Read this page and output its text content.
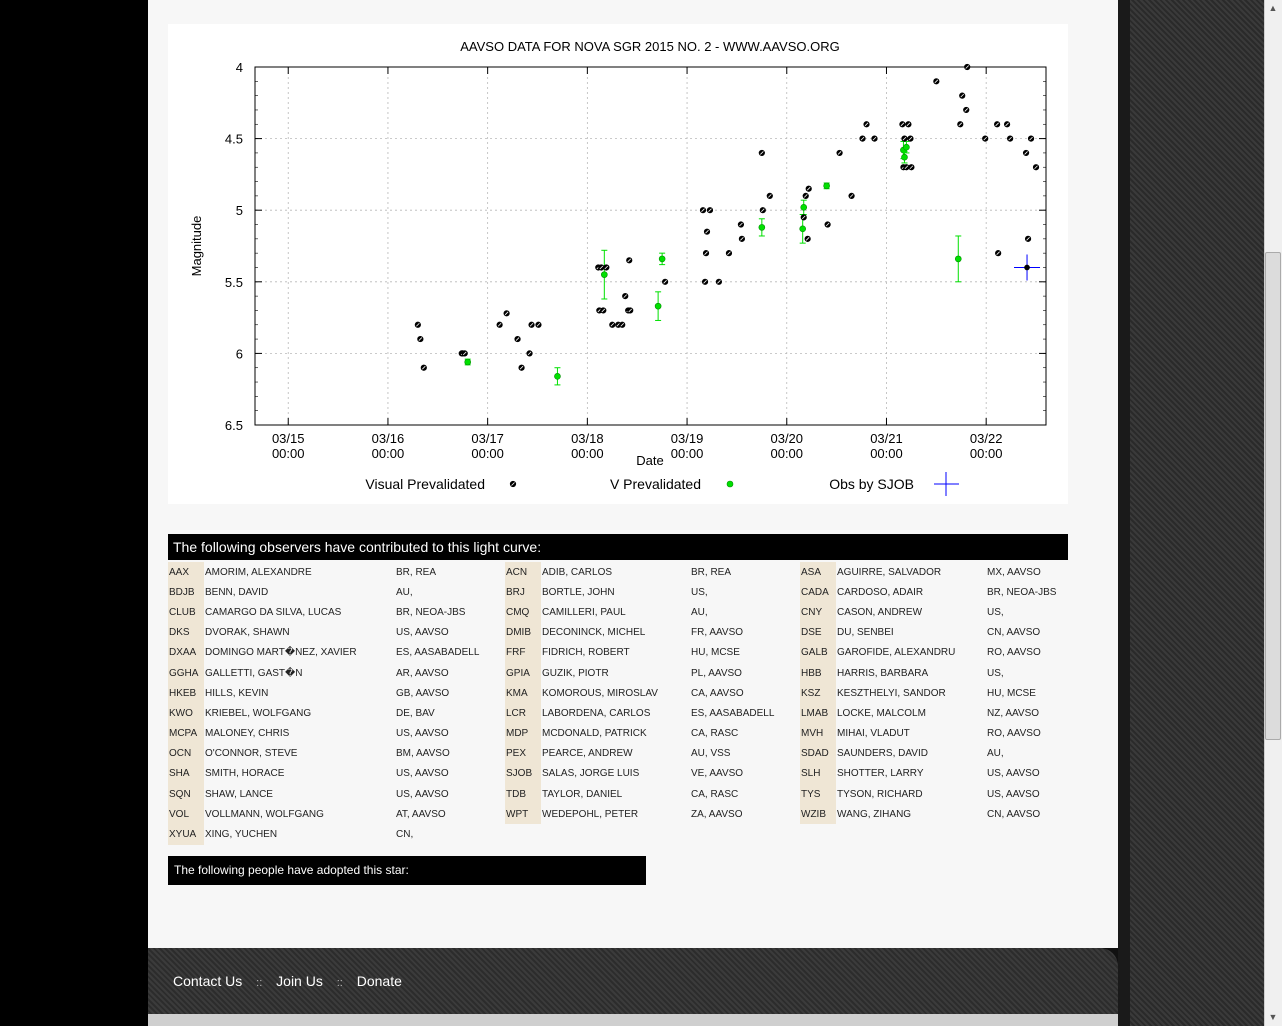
▲
▼
03/15 00:00
03/16 00:00
03/17 00:00
03/18 00:00
03/19 00:00
03/20 00:00
03/21 00:00
03/22 00:00
4
4.5
5
5.5
6
6.5
AAVSO DATA FOR NOVA SGR 2015 NO. 2 - WWW.AAVSO.ORG
Date
Magnitude
Visual Prevalidated	V Prevalidated	Obs by SJOB
The following observers have contributed to this light curve:
AAX	AMORIM, ALEXANDRE	BR, REA	ACN	ADIB, CARLOS	BR, REA	ASA	AGUIRRE, SALVADOR	MX, AAVSO
BDJB	BENN, DAVID	AU,	BRJ	BORTLE, JOHN	US,	CADA	CARDOSO, ADAIR	BR, NEOA-JBS
CLUB	CAMARGO DA SILVA, LUCAS	BR, NEOA-JBS	CMQ	CAMILLERI, PAUL	AU,	CNY	CASON, ANDREW	US,
DKS	DVORAK, SHAWN	US, AAVSO	DMIB	DECONINCK, MICHEL	FR, AAVSO	DSE	DU, SENBEI	CN, AAVSO
DXAA	DOMINGO MART�NEZ, XAVIER	ES, AASABADELL	FRF	FIDRICH, ROBERT	HU, MCSE	GALB	GAROFIDE, ALEXANDRU	RO, AAVSO
GGHA	GALLETTI, GAST�N	AR, AAVSO	GPIA	GUZIK, PIOTR	PL, AAVSO	HBB	HARRIS, BARBARA	US,
HKEB	HILLS, KEVIN	GB, AAVSO	KMA	KOMOROUS, MIROSLAV	CA, AAVSO	KSZ	KESZTHELYI, SANDOR	HU, MCSE
KWO	KRIEBEL, WOLFGANG	DE, BAV	LCR	LABORDENA, CARLOS	ES, AASABADELL	LMAB	LOCKE, MALCOLM	NZ, AAVSO
MCPA	MALONEY, CHRIS	US, AAVSO	MDP	MCDONALD, PATRICK	CA, RASC	MVH	MIHAI, VLADUT	RO, AAVSO
OCN	O'CONNOR, STEVE	BM, AAVSO	PEX	PEARCE, ANDREW	AU, VSS	SDAD	SAUNDERS, DAVID	AU,
SHA	SMITH, HORACE	US, AAVSO	SJOB	SALAS, JORGE LUIS	VE, AAVSO	SLH	SHOTTER, LARRY	US, AAVSO
SQN	SHAW, LANCE	US, AAVSO	TDB	TAYLOR, DANIEL	CA, RASC	TYS	TYSON, RICHARD	US, AAVSO
VOL	VOLLMANN, WOLFGANG	AT, AAVSO	WPT	WEDEPOHL, PETER	ZA, AAVSO	WZIB	WANG, ZIHANG	CN, AAVSO
XYUA	XING, YUCHEN	CN,						
The following people have adopted this star:
Contact Us :: Join Us :: Donate
